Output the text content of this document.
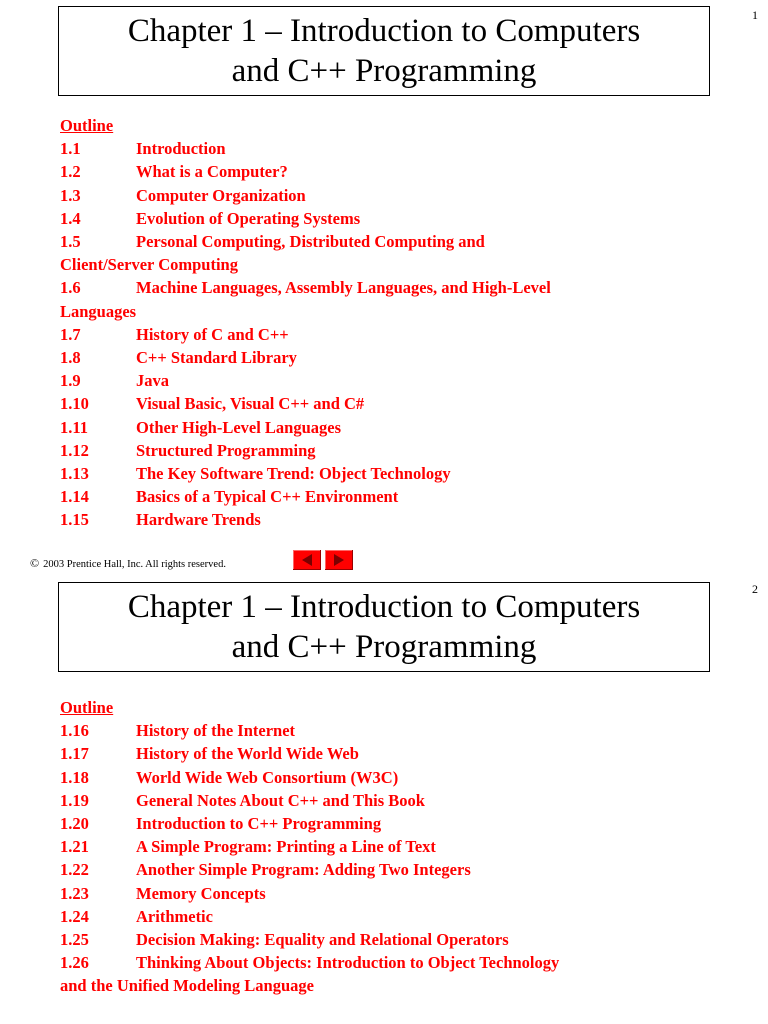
1
Chapter 1 – Introduction to Computers
and C++ Programming
Outline
1.1	Introduction
1.2	What is a Computer?
1.3	Computer Organization
1.4	Evolution of Operating Systems
1.5	Personal Computing, Distributed Computing and
Client/Server Computing
1.6	Machine Languages, Assembly Languages, and High-Level
Languages
1.7	History of C and C++
1.8	C++ Standard Library
1.9	Java
1.10	Visual Basic, Visual C++ and C#
1.11	Other High-Level Languages
1.12	Structured Programming
1.13	The Key Software Trend: Object Technology
1.14	Basics of a Typical C++ Environment
1.15	Hardware Trends
© 2003 Prentice Hall, Inc. All rights reserved.
2
Chapter 1 – Introduction to Computers
and C++ Programming
Outline
1.16	History of the Internet
1.17	History of the World Wide Web
1.18	World Wide Web Consortium (W3C)
1.19	General Notes About C++ and This Book
1.20	Introduction to C++ Programming
1.21	A Simple Program: Printing a Line of Text
1.22	Another Simple Program: Adding Two Integers
1.23	Memory Concepts
1.24	Arithmetic
1.25	Decision Making: Equality and Relational Operators
1.26	Thinking About Objects: Introduction to Object Technology
and the Unified Modeling Language
